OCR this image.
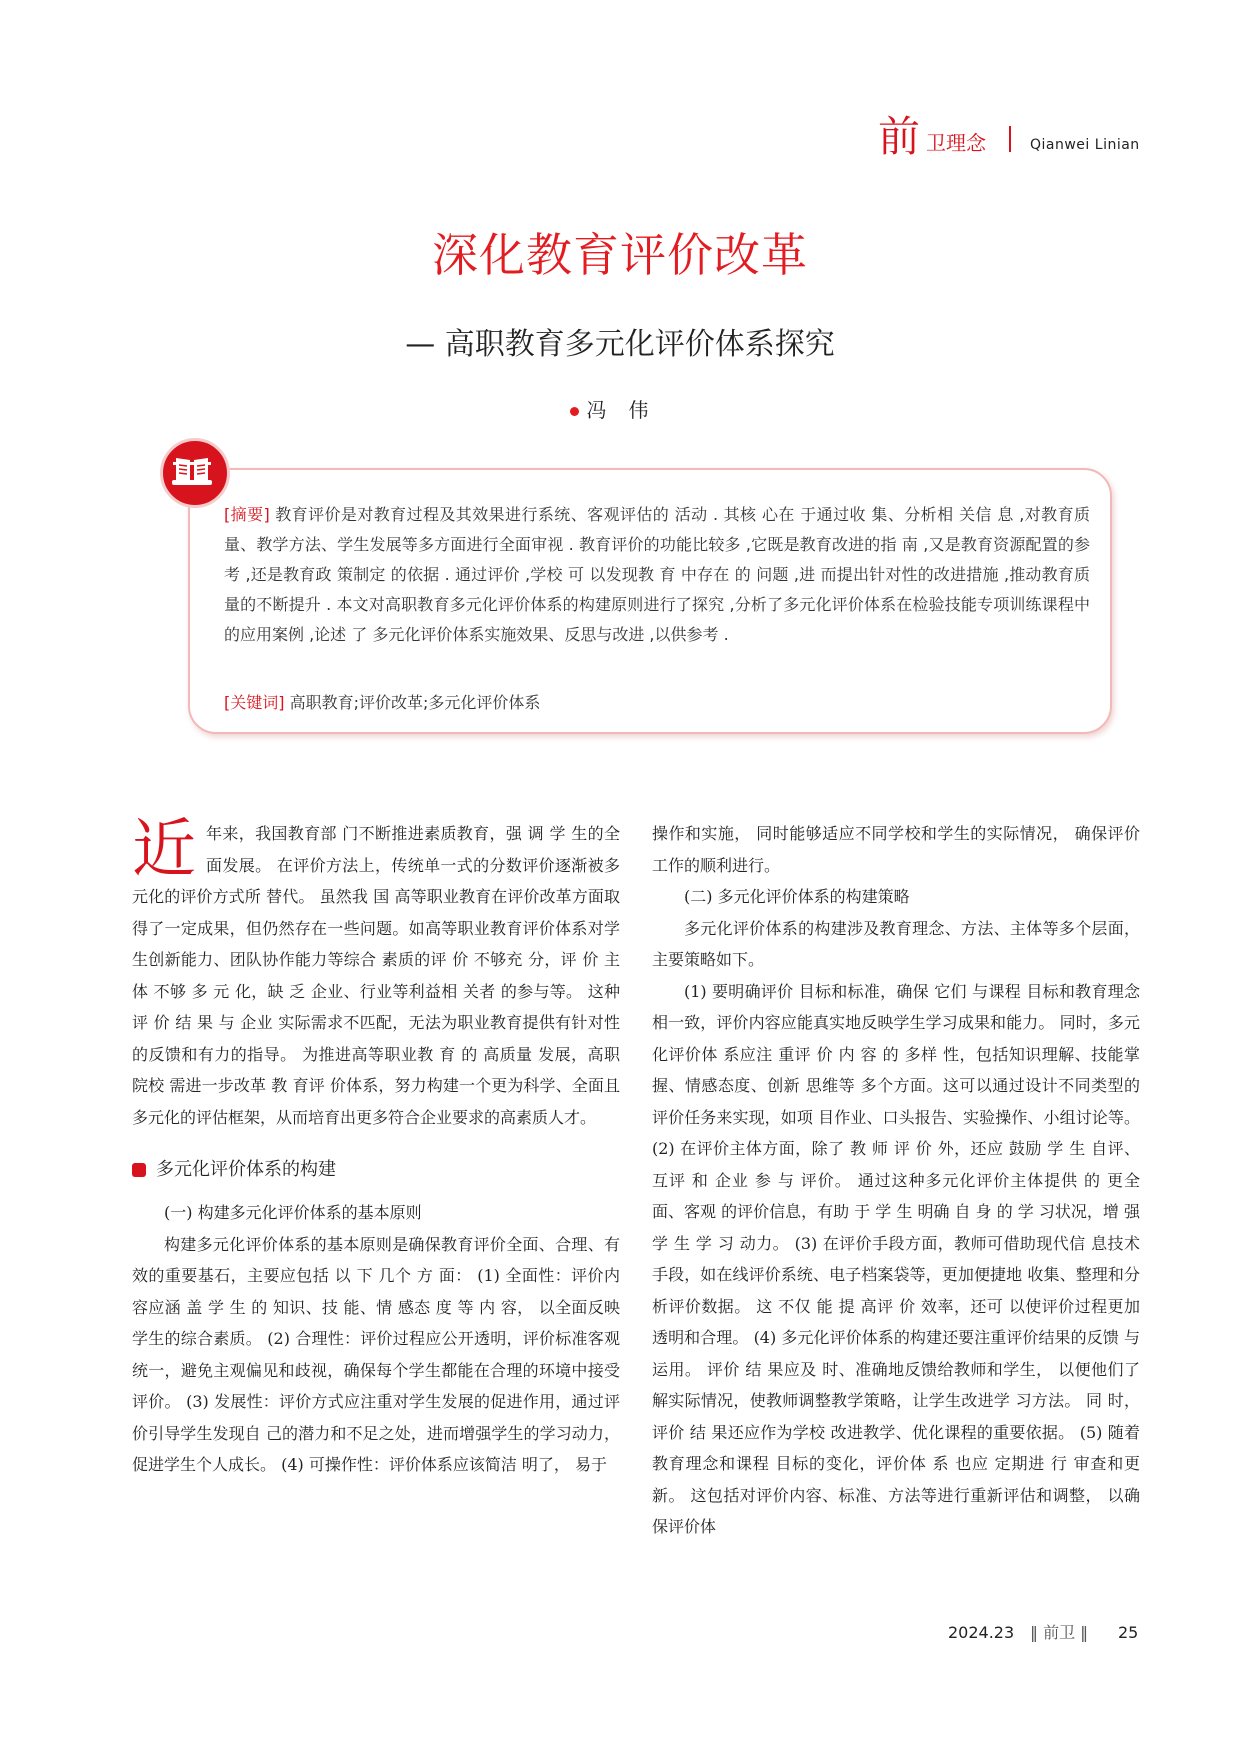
前 卫理念	Qianwei Linian
深化教育评价改革
— 高职教育多元化评价体系探究
冯伟
[摘要] 教育评价是对教育过程及其效果进行系统、客观评估的 活动 . 其核 心在 于通过收 集、分析相 关信 息 ,对教育质量、教学方法、学生发展等多方面进行全面审视 . 教育评价的功能比较多 ,它既是教育改进的指 南 ,又是教育资源配置的参考 ,还是教育政 策制定 的依据 . 通过评价 ,学校 可 以发现教 育 中存在 的 问题 ,进 而提出针对性的改进措施 ,推动教育质量的不断提升 . 本文对高职教育多元化评价体系的构建原则进行了探究 ,分析了多元化评价体系在检验技能专项训练课程中的应用案例 ,论述 了 多元化评价体系实施效果、反思与改进 ,以供参考 .
[关键词] 高职教育;评价改革;多元化评价体系

近年来，我国教育部 门不断推进素质教育，强 调 学 生的全面发展。 在评价方法上，传统单一式的分数评价逐渐被多元化的评价方式所 替代。 虽然我 国 高等职业教育在评价改革方面取得了一定成果，但仍然存在一些问题。如高等职业教育评价体系对学生创新能力、团队协作能力等综合 素质的评 价 不够充 分，评 价 主体 不够 多 元 化，缺 乏 企业、行业等利益相 关者 的参与等。 这种评 价 结 果 与 企业 实际需求不匹配，无法为职业教育提供有针对性的反馈和有力的指导。 为推进高等职业教 育 的 高质量 发展，高职 院校 需进一步改革 教 育评 价体系，努力构建一个更为科学、全面且多元化的评估框架，从而培育出更多符合企业要求的高素质人才。

多元化评价体系的构建

(一) 构建多元化评价体系的基本原则

构建多元化评价体系的基本原则是确保教育评价全面、合理、有效的重要基石，主要应包括 以 下 几个 方 面： (1) 全面性：评价内 容应涵 盖 学 生 的 知识、技 能、情 感态 度 等 内 容， 以全面反映学生的综合素质。 (2) 合理性：评价过程应公开透明，评价标准客观统一，避免主观偏见和歧视，确保每个学生都能在合理的环境中接受评价。 (3) 发展性：评价方式应注重对学生发展的促进作用，通过评价引导学生发现自 己的潜力和不足之处，进而增强学生的学习动力，促进学生个人成长。 (4) 可操作性：评价体系应该简洁 明了， 易于

操作和实施， 同时能够适应不同学校和学生的实际情况， 确保评价工作的顺利进行。

(二) 多元化评价体系的构建策略

多元化评价体系的构建涉及教育理念、方法、主体等多个层面， 主要策略如下。

(1) 要明确评价 目标和标准，确保 它们 与课程 目标和教育理念相一致，评价内容应能真实地反映学生学习成果和能力。 同时，多元化评价体 系应注 重评 价 内 容 的 多样 性，包括知识理解、技能掌握、情感态度、创新 思维等 多个方面。这可以通过设计不同类型的评价任务来实现，如项 目作业、口头报告、实验操作、小组讨论等。 (2) 在评价主体方面，除了 教 师 评 价 外，还应 鼓励 学 生 自评、互评 和 企业 参 与 评价。 通过这种多元化评价主体提供 的 更全面、客观 的评价信息，有助 于 学 生 明确 自 身 的 学 习状况，增 强 学 生 学 习 动力。 (3) 在评价手段方面，教师可借助现代信 息技术手段，如在线评价系统、电子档案袋等，更加便捷地 收集、整理和分析评价数据。 这 不仅 能 提 高评 价 效率，还可 以使评价过程更加透明和合理。 (4) 多元化评价体系的构建还要注重评价结果的反馈 与运用。 评价 结 果应及 时、准确地反馈给教师和学生， 以便他们了解实际情况，使教师调整教学策略，让学生改进学 习方法。 同 时，评价 结 果还应作为学校 改进教学、优化课程的重要依据。 (5) 随着教育理念和课程 目标的变化，评价体 系 也应 定期进 行 审查和更新。 这包括对评价内容、标准、方法等进行重新评估和调整， 以确保评价体

2024.23 ‖ 前卫 ‖ 25
